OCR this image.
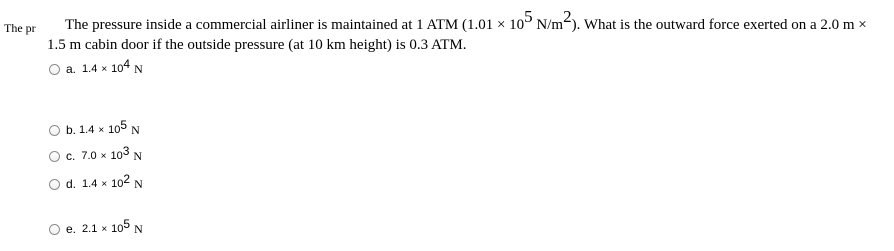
The pr	The pressure inside a commercial airliner is maintained at 1 ATM (1.01 × 105 N/m2). What is the outward force exerted on a 2.0 m × 1.5 m cabin door if the outside pressure (at 10 km height) is 0.3 ATM.
a. 1.4 × 10 4 N
b. 1.4 × 10 5 N
c. 7.0 × 10 3 N
d. 1.4 × 10 2 N
e. 2.1 × 10 5 N
